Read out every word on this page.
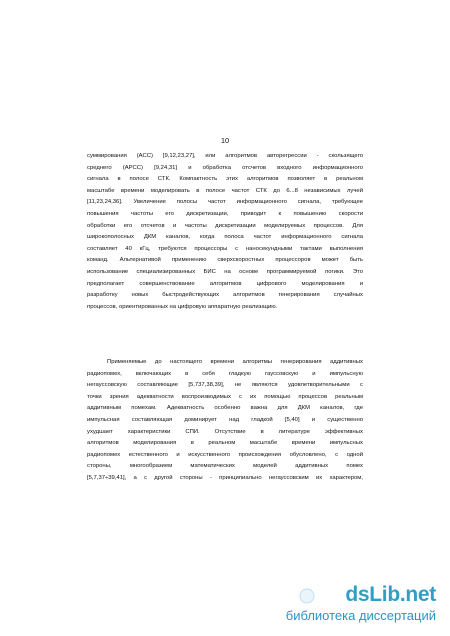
10
суммирования (АСС) [9,12,23,27], или алгоритмов авторегрессии - скользящего
среднего (АРСС) [9,24,31] и обработка отсчетов входного информационного
сигнала в полосе СТК. Компактность этих алгоритмов позволяет в реальном
масштабе времени моделировать в полосе частот СТК до 6...8 независимых лучей
[11,23,24,36]. Увеличение полосы частот информационного сигнала, требующее
повышения частоты его дискретизации, приводит к повышению скорости
обработки его отсчетов и частоты дискретизации моделируемых процессов. Для
широкополосных ДКМ каналов, когда полоса частот информационного сигнала
составляет 40 кГц, требуются процессоры с наносекундными тактами выполнения
команд. Альтернативой применению сверхскоростных процессоров может быть
использование специализированных БИС на основе программируемой логики. Это
предполагает совершенствование алгоритмов цифрового моделирования и
разработку новых быстродействующих алгоритмов генерирования случайных
процессов, ориентированных на цифровую аппаратную реализацию.
Применяемые до настоящего времени алгоритмы генерирования аддитивных
радиопомех, включающих в себя гладкую гауссовскую и импульсную
негауссовскую составляющие [5,737,38,39], не являются удовлетворительными с
точки зрения адекватности воспроизводимых с их помощью процессов реальным
аддитивным помехам. Адекватность особенно важна для ДКМ каналов, где
импульсная составляющая доминирует над гладкой [5,40] и существенно
ухудшает характеристики СПИ. Отсутствие в литературе эффективных
алгоритмов моделирования в реальном масштабе времени импульсных
радиопомех естественного и искусственного происхождения обусловлено, с одной
стороны, многообразием математических моделей аддитивных помех
[5,7,37÷39,41], а с другой стороны - принципиально негауссовским их характером,
dsLib.net
библиотека диссертаций
